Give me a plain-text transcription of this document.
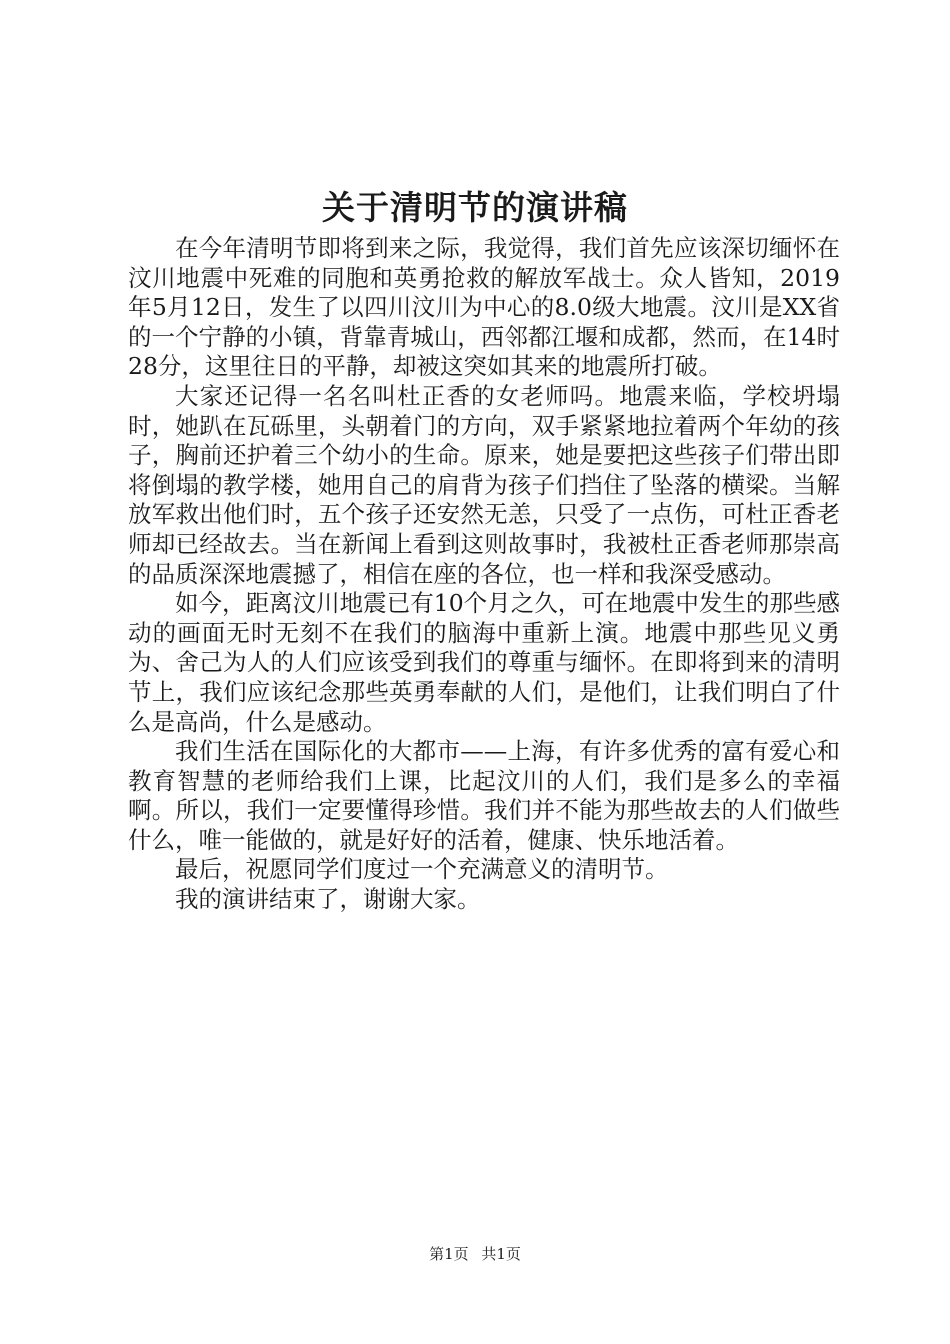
关于清明节的演讲稿

在今年清明节即将到来之际，我觉得，我们首先应该深切缅怀在汶川地震中死难的同胞和英勇抢救的解放军战士。众人皆知，2019年5月12日，发生了以四川汶川为中心的8.0级大地震。汶川是XX省的一个宁静的小镇，背靠青城山，西邻都江堰和成都，然而，在14时28分，这里往日的平静，却被这突如其来的地震所打破。

大家还记得一名名叫杜正香的女老师吗。地震来临，学校坍塌时，她趴在瓦砾里，头朝着门的方向，双手紧紧地拉着两个年幼的孩子，胸前还护着三个幼小的生命。原来，她是要把这些孩子们带出即将倒塌的教学楼，她用自己的肩背为孩子们挡住了坠落的横梁。当解放军救出他们时，五个孩子还安然无恙，只受了一点伤，可杜正香老师却已经故去。当在新闻上看到这则故事时，我被杜正香老师那崇高的品质深深地震撼了，相信在座的各位，也一样和我深受感动。

如今，距离汶川地震已有10个月之久，可在地震中发生的那些感动的画面无时无刻不在我们的脑海中重新上演。地震中那些见义勇为、舍己为人的人们应该受到我们的尊重与缅怀。在即将到来的清明节上，我们应该纪念那些英勇奉献的人们，是他们，让我们明白了什么是高尚，什么是感动。

我们生活在国际化的大都市——上海，有许多优秀的富有爱心和教育智慧的老师给我们上课，比起汶川的人们，我们是多么的幸福啊。所以，我们一定要懂得珍惜。我们并不能为那些故去的人们做些什么，唯一能做的，就是好好的活着，健康、快乐地活着。

最后，祝愿同学们度过一个充满意义的清明节。

我的演讲结束了，谢谢大家。

第1页 共1页
